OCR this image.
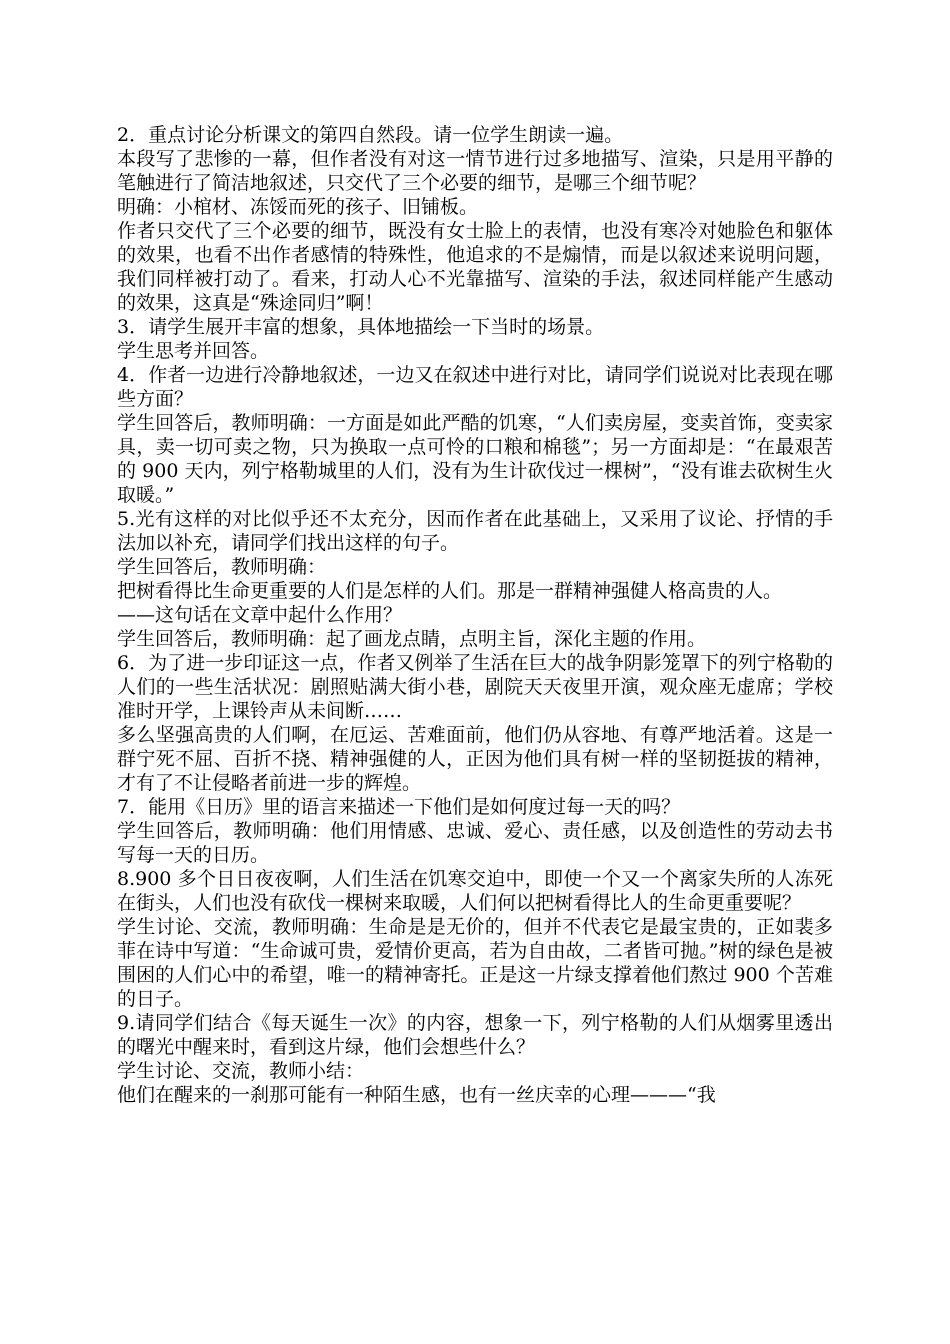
2．重点讨论分析课文的第四自然段。请一位学生朗读一遍。

本段写了悲惨的一幕，但作者没有对这一情节进行过多地描写、渲染，只是用平静的笔触进行了简洁地叙述，只交代了三个必要的细节，是哪三个细节呢？

明确：小棺材、冻馁而死的孩子、旧铺板。

作者只交代了三个必要的细节，既没有女士脸上的表情，也没有寒冷对她脸色和躯体的效果，也看不出作者感情的特殊性，他追求的不是煽情，而是以叙述来说明问题，我们同样被打动了。看来，打动人心不光靠描写、渲染的手法，叙述同样能产生感动的效果，这真是“殊途同归”啊！

3．请学生展开丰富的想象，具体地描绘一下当时的场景。

学生思考并回答。

4．作者一边进行冷静地叙述，一边又在叙述中进行对比，请同学们说说对比表现在哪些方面？

学生回答后，教师明确：一方面是如此严酷的饥寒，“人们卖房屋，变卖首饰，变卖家具，卖一切可卖之物，只为换取一点可怜的口粮和棉毯”；另一方面却是：“在最艰苦的 900 天内，列宁格勒城里的人们，没有为生计砍伐过一棵树”，“没有谁去砍树生火取暖。”

5.光有这样的对比似乎还不太充分，因而作者在此基础上，又采用了议论、抒情的手法加以补充，请同学们找出这样的句子。

学生回答后，教师明确：

把树看得比生命更重要的人们是怎样的人们。那是一群精神强健人格高贵的人。

——这句话在文章中起什么作用？

学生回答后，教师明确：起了画龙点睛，点明主旨，深化主题的作用。

6．为了进一步印证这一点，作者又例举了生活在巨大的战争阴影笼罩下的列宁格勒的人们的一些生活状况：剧照贴满大街小巷，剧院天天夜里开演，观众座无虚席；学校准时开学，上课铃声从未间断……

多么坚强高贵的人们啊，在厄运、苦难面前，他们仍从容地、有尊严地活着。这是一群宁死不屈、百折不挠、精神强健的人，正因为他们具有树一样的坚韧挺拔的精神，才有了不让侵略者前进一步的辉煌。

7．能用《日历》里的语言来描述一下他们是如何度过每一天的吗？

学生回答后，教师明确：他们用情感、忠诚、爱心、责任感，以及创造性的劳动去书写每一天的日历。

8.900 多个日日夜夜啊，人们生活在饥寒交迫中，即使一个又一个离家失所的人冻死在街头，人们也没有砍伐一棵树来取暖，人们何以把树看得比人的生命更重要呢？

学生讨论、交流，教师明确：生命是是无价的，但并不代表它是最宝贵的，正如裴多菲在诗中写道：“生命诚可贵，爱情价更高，若为自由故，二者皆可抛。”树的绿色是被围困的人们心中的希望，唯一的精神寄托。正是这一片绿支撑着他们熬过 900 个苦难的日子。

9.请同学们结合《每天诞生一次》的内容，想象一下，列宁格勒的人们从烟雾里透出的曙光中醒来时，看到这片绿，他们会想些什么？

学生讨论、交流，教师小结：

他们在醒来的一刹那可能有一种陌生感，也有一丝庆幸的心理———“我
